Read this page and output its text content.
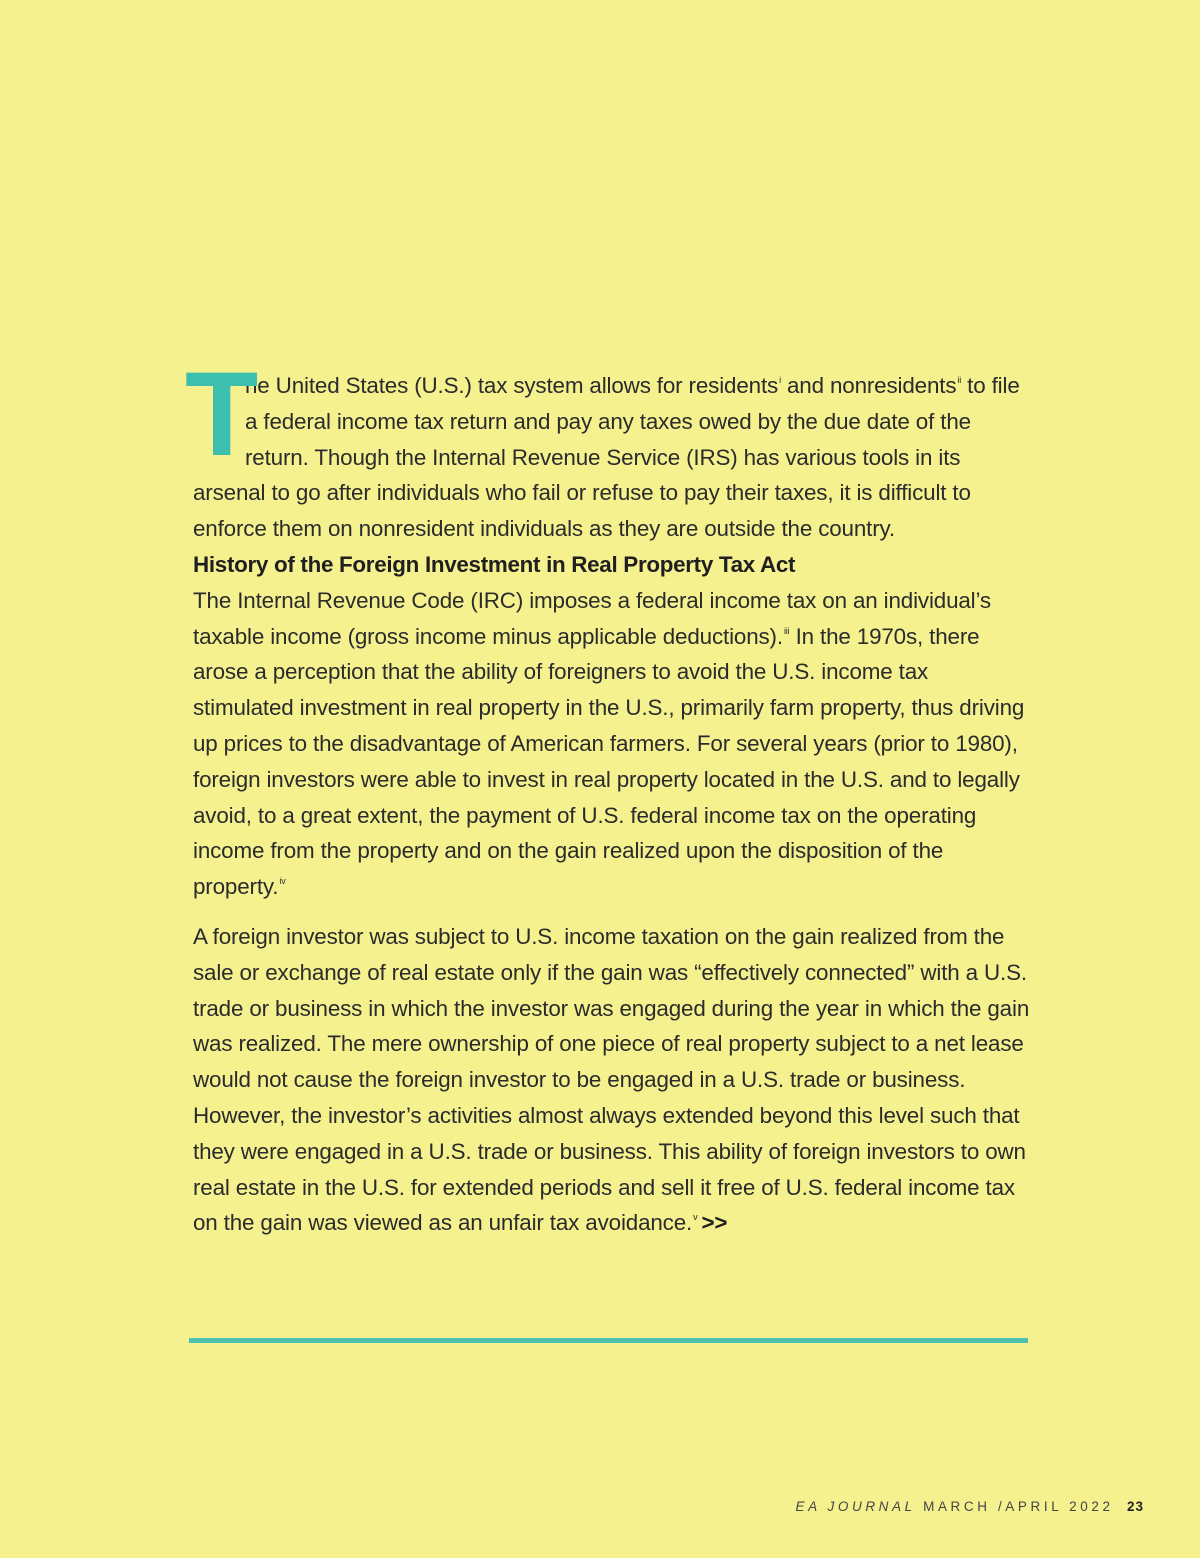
T
he United States (U.S.) tax system allows for residents$^i$ and nonresidents$^{ii}$ to file a federal income tax return and pay any taxes owed by the due date of the return. Though the Internal Revenue Service (IRS) has various tools in its arsenal to go after individuals who fail or refuse to pay their taxes, it is difficult to enforce them on nonresident individuals as they are outside the country.

History of the Foreign Investment in Real Property Tax Act

The Internal Revenue Code (IRC) imposes a federal income tax on an individual’s taxable income (gross income minus applicable deductions).$^{iii}$ In the 1970s, there arose a perception that the ability of foreigners to avoid the U.S. income tax stimulated investment in real property in the U.S., primarily farm property, thus driving up prices to the disadvantage of American farmers. For several years (prior to 1980), foreign investors were able to invest in real property located in the U.S. and to legally avoid, to a great extent, the payment of U.S. federal income tax on the operating income from the property and on the gain realized upon the disposition of the property.$^{iv}$

A foreign investor was subject to U.S. income taxation on the gain realized from the sale or exchange of real estate only if the gain was “effectively connected” with a U.S. trade or business in which the investor was engaged during the year in which the gain was realized. The mere ownership of one piece of real property subject to a net lease would not cause the foreign investor to be engaged in a U.S. trade or business. However, the investor’s activities almost always extended beyond this level such that they were engaged in a U.S. trade or business. This ability of foreign investors to own real estate in the U.S. for extended periods and sell it free of U.S. federal income tax on the gain was viewed as an unfair tax avoidance.$^v$ >>

EA JOURNAL MARCH /APRIL 2022 23
